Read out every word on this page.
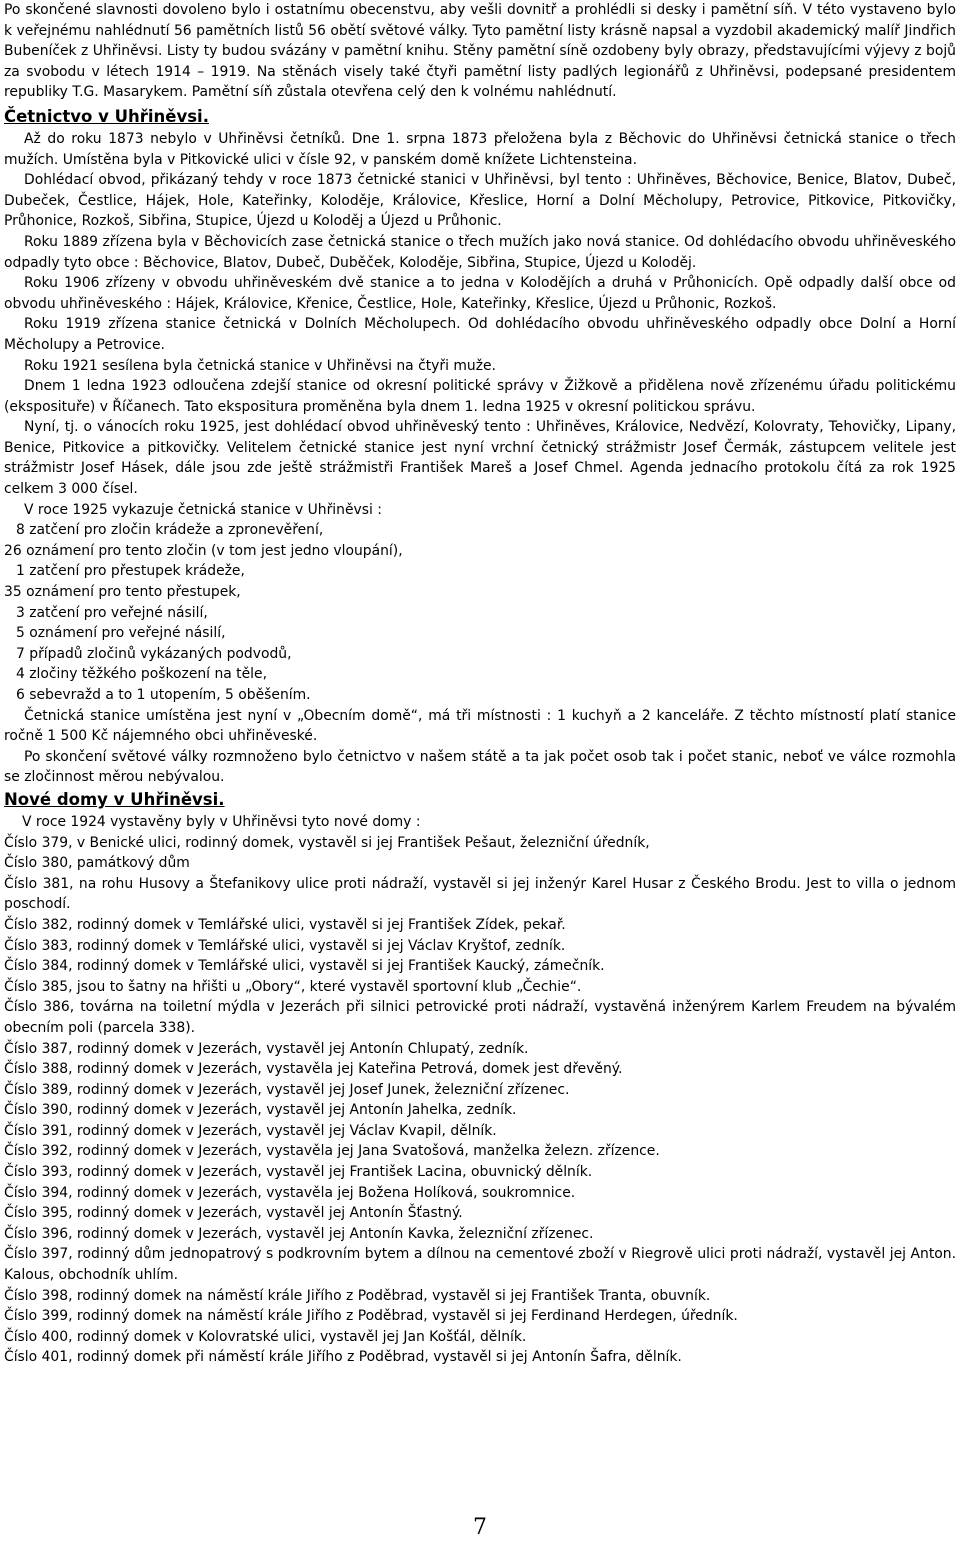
Po skončené slavnosti dovoleno bylo i ostatnímu obecenstvu, aby vešli dovnitř a prohlédli si desky i pamětní síň. V této vystaveno bylo k veřejnému nahlédnutí 56 pamětních listů 56 obětí světové války. Tyto pamětní listy krásně napsal a vyzdobil akademický malíř Jindřich Bubeníček z Uhřiněvsi. Listy ty budou svázány v pamětní knihu. Stěny pamětní síně ozdobeny byly obrazy, představujícími výjevy z bojů za svobodu v létech 1914 – 1919. Na stěnách visely také čtyři pamětní listy padlých legionářů z Uhřiněvsi, podepsané presidentem republiky T.G. Masarykem. Pamětní síň zůstala otevřena celý den k volnému nahlédnutí.

Četnictvo v Uhřiněvsi.

Až do roku 1873 nebylo v Uhřiněvsi četníků. Dne 1. srpna 1873 přeložena byla z Běchovic do Uhřiněvsi četnická stanice o třech mužích. Umístěna byla v Pitkovické ulici v čísle 92, v panském domě knížete Lichtensteina.

Dohlédací obvod, přikázaný tehdy v roce 1873 četnické stanici v Uhřiněvsi, byl tento : Uhřiněves, Běchovice, Benice, Blatov, Dubeč, Dubeček, Čestlice, Hájek, Hole, Kateřinky, Koloděje, Královice, Křeslice, Horní a Dolní Měcholupy, Petrovice, Pitkovice, Pitkovičky, Průhonice, Rozkoš, Sibřina, Stupice, Újezd u Koloděj a Újezd u Průhonic.

Roku 1889 zřízena byla v Běchovicích zase četnická stanice o třech mužích jako nová stanice. Od dohlédacího obvodu uhřiněveského odpadly tyto obce : Běchovice, Blatov, Dubeč, Duběček, Koloděje, Sibřina, Stupice, Újezd u Koloděj.

Roku 1906 zřízeny v obvodu uhřiněveském dvě stanice a to jedna v Kolodějích a druhá v Průhonicích. Opě odpadly další obce od obvodu uhřiněveského : Hájek, Královice, Křenice, Čestlice, Hole, Kateřinky, Křeslice, Újezd u Průhonic, Rozkoš.

Roku 1919 zřízena stanice četnická v Dolních Měcholupech. Od dohlédacího obvodu uhřiněveského odpadly obce Dolní a Horní Měcholupy a Petrovice.

Roku 1921 sesílena byla četnická stanice v Uhřiněvsi na čtyři muže.

Dnem 1 ledna 1923 odloučena zdejší stanice od okresní politické správy v Žižkově a přidělena nově zřízenému úřadu politickému (eksposituře) v Říčanech. Tato ekspositura proměněna byla dnem 1. ledna 1925 v okresní politickou správu.

Nyní, tj. o vánocích roku 1925, jest dohlédací obvod uhřiněveský tento : Uhřiněves, Královice, Nedvězí, Kolovraty, Tehovičky, Lipany, Benice, Pitkovice a pitkovičky. Velitelem četnické stanice jest nyní vrchní četnický strážmistr Josef Čermák, zástupcem velitele jest strážmistr Josef Hásek, dále jsou zde ještě strážmistři František Mareš a Josef Chmel. Agenda jednacího protokolu čítá za rok 1925 celkem 3 000 čísel.

V roce 1925 vykazuje četnická stanice v Uhřiněvsi :

8 zatčení pro zločin krádeže a zpronevěření,

26 oznámení pro tento zločin (v tom jest jedno vloupání),

1 zatčení pro přestupek krádeže,

35 oznámení pro tento přestupek,

3 zatčení pro veřejné násilí,

5 oznámení pro veřejné násilí,

7 případů zločinů vykázaných podvodů,

4 zločiny těžkého poškození na těle,

6 sebevražd a to 1 utopením, 5 oběšením.

Četnická stanice umístěna jest nyní v „Obecním domě“, má tři místnosti : 1 kuchyň a 2 kanceláře. Z těchto místností platí stanice ročně 1 500 Kč nájemného obci uhřiněveské.

Po skončení světové války rozmnoženo bylo četnictvo v našem státě a ta jak počet osob tak i počet stanic, neboť ve válce rozmohla se zločinnost měrou nebývalou.

Nové domy v Uhřiněvsi.

V roce 1924 vystavěny byly v Uhřiněvsi tyto nové domy :

Číslo 379, v Benické ulici, rodinný domek, vystavěl si jej František Pešaut, železniční úředník,

Číslo 380, památkový dům

Číslo 381, na rohu Husovy a Štefanikovy ulice proti nádraží, vystavěl si jej inženýr Karel Husar z Českého Brodu. Jest to villa o jednom poschodí.

Číslo 382, rodinný domek v Temlářské ulici, vystavěl si jej František Zídek, pekař.

Číslo 383, rodinný domek v Temlářské ulici, vystavěl si jej Václav Kryštof, zedník.

Číslo 384, rodinný domek v Temlářské ulici, vystavěl si jej František Kaucký, zámečník.

Číslo 385, jsou to šatny na hřišti u „Obory“, které vystavěl sportovní klub „Čechie“.

Číslo 386, továrna na toiletní mýdla v Jezerách při silnici petrovické proti nádraží, vystavěná inženýrem Karlem Freudem na bývalém obecním poli (parcela 338).

Číslo 387, rodinný domek v Jezerách, vystavěl jej Antonín Chlupatý, zedník.

Číslo 388, rodinný domek v Jezerách, vystavěla jej Kateřina Petrová, domek jest dřevěný.

Číslo 389, rodinný domek v Jezerách, vystavěl jej Josef Junek, železniční zřízenec.

Číslo 390, rodinný domek v Jezerách, vystavěl jej Antonín Jahelka, zedník.

Číslo 391, rodinný domek v Jezerách, vystavěl jej Václav Kvapil, dělník.

Číslo 392, rodinný domek v Jezerách, vystavěla jej Jana Svatošová, manželka železn. zřízence.

Číslo 393, rodinný domek v Jezerách, vystavěl jej František Lacina, obuvnický dělník.

Číslo 394, rodinný domek v Jezerách, vystavěla jej Božena Holíková, soukromnice.

Číslo 395, rodinný domek v Jezerách, vystavěl jej Antonín Šťastný.

Číslo 396, rodinný domek v Jezerách, vystavěl jej Antonín Kavka, železniční zřízenec.

Číslo 397, rodinný dům jednopatrový s podkrovním bytem a dílnou na cementové zboží v Riegrově ulici proti nádraží, vystavěl jej Anton. Kalous, obchodník uhlím.

Číslo 398, rodinný domek na náměstí krále Jiřího z Poděbrad, vystavěl si jej František Tranta, obuvník.

Číslo 399, rodinný domek na náměstí krále Jiřího z Poděbrad, vystavěl si jej Ferdinand Herdegen, úředník.

Číslo 400, rodinný domek v Kolovratské ulici, vystavěl jej Jan Košťál, dělník.

Číslo 401, rodinný domek při náměstí krále Jiřího z Poděbrad, vystavěl si jej Antonín Šafra, dělník.

7
